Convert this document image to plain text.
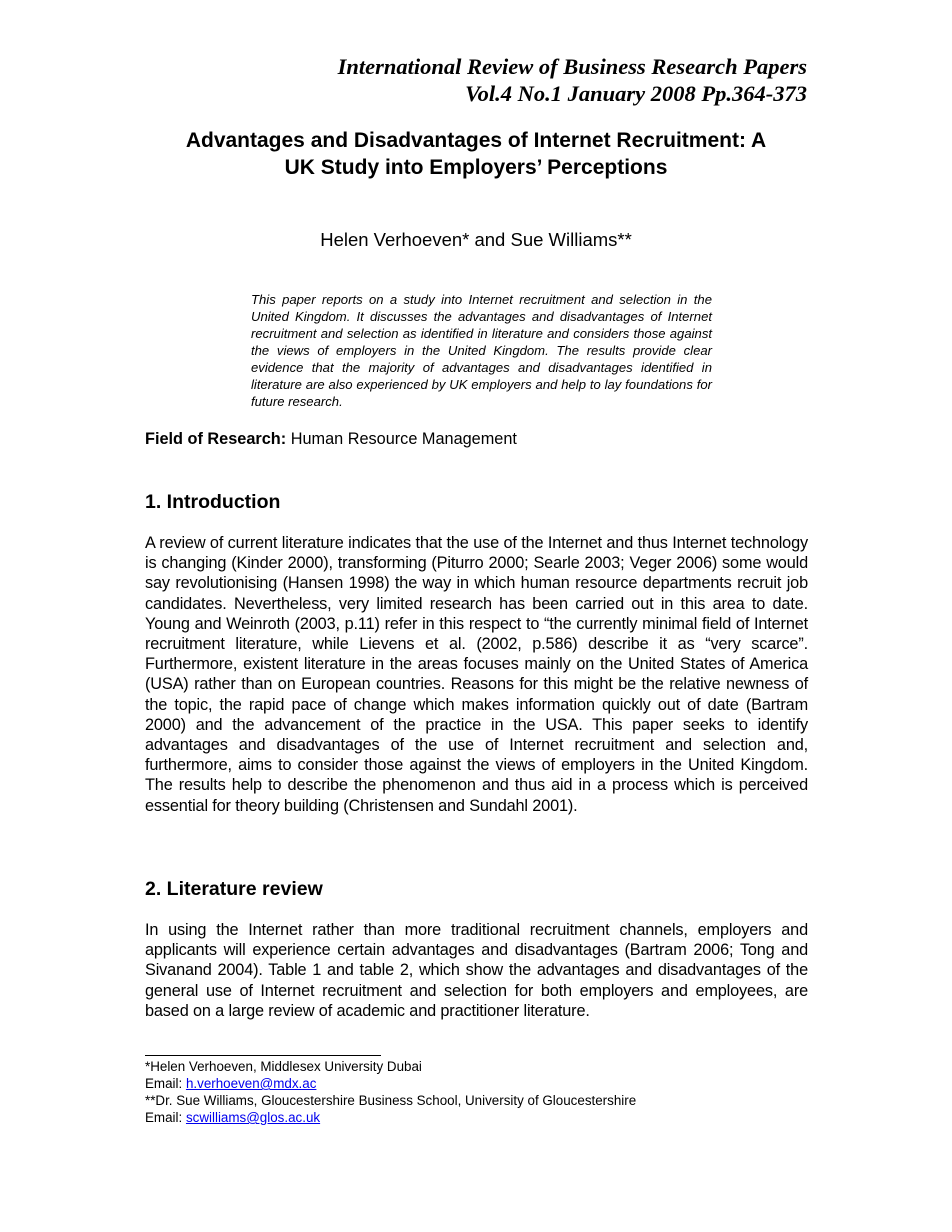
International Review of Business Research Papers
Vol.4 No.1 January 2008 Pp.364-373
Advantages and Disadvantages of Internet Recruitment: A
UK Study into Employers’ Perceptions
Helen Verhoeven* and Sue Williams**
This paper reports on a study into Internet recruitment and selection in the United Kingdom. It discusses the advantages and disadvantages of Internet recruitment and selection as identified in literature and considers those against the views of employers in the United Kingdom. The results provide clear evidence that the majority of advantages and disadvantages identified in literature are also experienced by UK employers and help to lay foundations for future research.
Field of Research: Human Resource Management
1. Introduction
A review of current literature indicates that the use of the Internet and thus Internet technology is changing (Kinder 2000), transforming (Piturro 2000; Searle 2003; Veger 2006) some would say revolutionising (Hansen 1998) the way in which human resource departments recruit job candidates. Nevertheless, very limited research has been carried out in this area to date. Young and Weinroth (2003, p.11) refer in this respect to “the currently minimal field of Internet recruitment literature, while Lievens et al. (2002, p.586) describe it as “very scarce”. Furthermore, existent literature in the areas focuses mainly on the United States of America (USA) rather than on European countries. Reasons for this might be the relative newness of the topic, the rapid pace of change which makes information quickly out of date (Bartram 2000) and the advancement of the practice in the USA. This paper seeks to identify advantages and disadvantages of the use of Internet recruitment and selection and, furthermore, aims to consider those against the views of employers in the United Kingdom. The results help to describe the phenomenon and thus aid in a process which is perceived essential for theory building (Christensen and Sundahl 2001).
2. Literature review
In using the Internet rather than more traditional recruitment channels, employers and applicants will experience certain advantages and disadvantages (Bartram 2006; Tong and Sivanand 2004). Table 1 and table 2, which show the advantages and disadvantages of the general use of Internet recruitment and selection for both employers and employees, are based on a large review of academic and practitioner literature.
*Helen Verhoeven, Middlesex University Dubai
Email: h.verhoeven@mdx.ac
**Dr. Sue Williams, Gloucestershire Business School, University of Gloucestershire
Email: scwilliams@glos.ac.uk
